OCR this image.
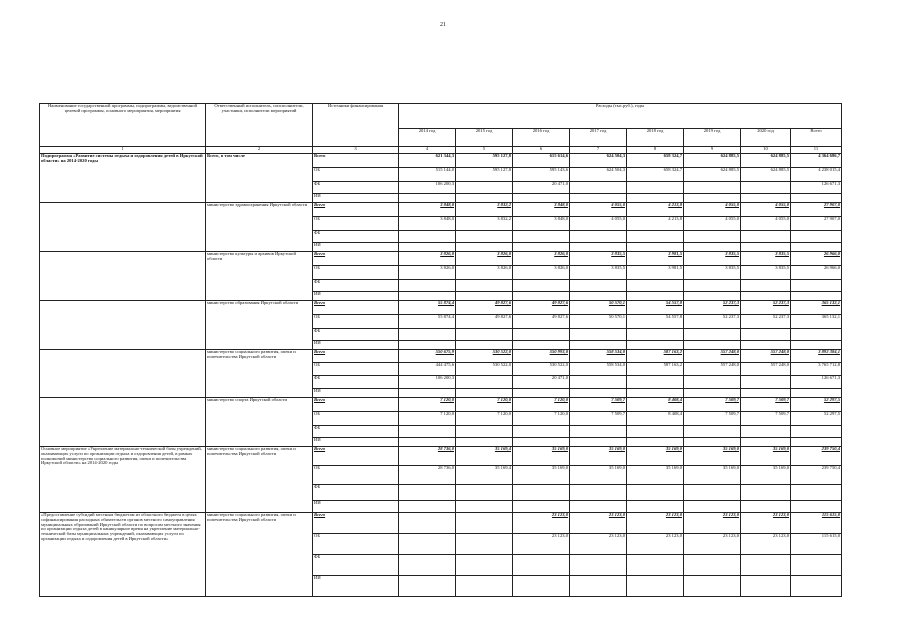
21
Наименование государственной программы, подпрограммы, ведомственной целевой программы, основного мероприятия, мероприятия	Ответственный исполнитель, соисполнители, участники, исполнители мероприятий	Источники финансирования	Расходы (тыс.руб.), годы							
			2014 год	2015 год	2016 год	2017 год	2018 год	2019 год	2020 год	Всего
1	2	3	4	5	6	7	8	9	10	11
Подпрограмма «Развитие системы отдыха и оздоровления детей в Иркутской области» на 2014-2020 годы	Всего, в том числе	Всего	621 344,3	595 127,8	615 614,6	624 504,3	658 324,7	624 885,5	624 885,5	4 364 686,7
		ОБ	515 144,0	595 127,8	595 143,6	624 504,3	658 324,7	624 885,5	624 885,5	4 238 015,4
		ФБ	106 200,3		20 471,0					126 671,3
		ИИ								
	министерство здравоохранения Иркутской области	Всего	3 848,0	3 832,2	3 848,0	4 055,0	4 213,8	4 055,0	4 055,0	27 907,0
		ОБ	3 848,0	3 832,2	3 848,0	4 055,0	4 213,8	4 055,0	4 055,0	27 907,0
		ФБ								
		ИИ								
	министерство культуры и архивов Иркутской области	Всего	3 826,0	3 826,0	3 826,0	3 835,5	3 981,5	3 835,5	3 835,5	26 966,0
		ОБ	3 826,0	3 826,0	3 826,0	3 835,5	3 981,5	3 835,5	3 835,5	26 966,0
		ФБ								
		ИИ								
	министерство образования Иркутской области	Всего	55 874,4	49 827,6	49 827,6	50 570,1	54 557,8	52 237,3	52 237,3	365 132,1
		ОБ	55 874,4	49 827,6	49 827,6	50 570,1	54 557,8	52 237,3	52 237,3	365 132,1
		ФБ								
		ИИ								
	министерство социального развития, опеки и попечительства Иркутской области	Всего	550 675,9	530 522,0	550 993,0	558 534,0	587 163,2	557 248,0	557 248,0	3 892 384,1
		ОБ	444 475,6	530 522,0	530 522,0	558 534,0	587 163,2	557 248,0	557 248,0	3 765 712,8
		ФБ	106 200,3		20 471,0					126 671,3
		ИИ								
	министерство спорта Иркутской области	Всего	7 120,0	7 120,0	7 120,0	7 509,7	8 408,4	7 509,7	7 509,7	52 297,5
		ОБ	7 120,0	7 120,0	7 120,0	7 509,7	8 408,4	7 509,7	7 509,7	52 297,5
		ФБ								
		ИИ								
Основное мероприятие «Укрепление материально-технической базы учреждений, оказывающих услуги по организации отдыха и оздоровления детей, в рамках полномочий министерства социального развития, опеки и попечительства Иркутской области» на 2014-2020 годы	министерство социального развития, опеки и попечительства Иркутской области	Всего	28 736,0	35 169,4	35 169,0	35 169,0	35 169,0	35 169,0	35 169,0	239 750,4
		ОБ	28 736,0	35 169,4	35 169,0	35 169,0	35 169,0	35 169,0	35 169,0	239 750,4
		ФБ								
		ИИ								
«Предоставление субсидий местным бюджетам из областного бюджета в целях софинансирования расходных обязательств органов местного самоуправления муниципальных образований Иркутской области по вопросам местного значения по организации отдыха детей в каникулярное время на укрепление материально-технической базы муниципальных учреждений, оказывающих услуги по организации отдыха и оздоровления детей в Иркутской области»	министерство социального развития, опеки и попечительства Иркутской области	Всего			23 123,0	23 123,0	23 123,0	23 123,0	23 123,0	115 615,0
		ОБ			23 123,0	23 123,0	23 123,0	23 123,0	23 123,0	115 615,0
		ФБ								
		ИИ								
